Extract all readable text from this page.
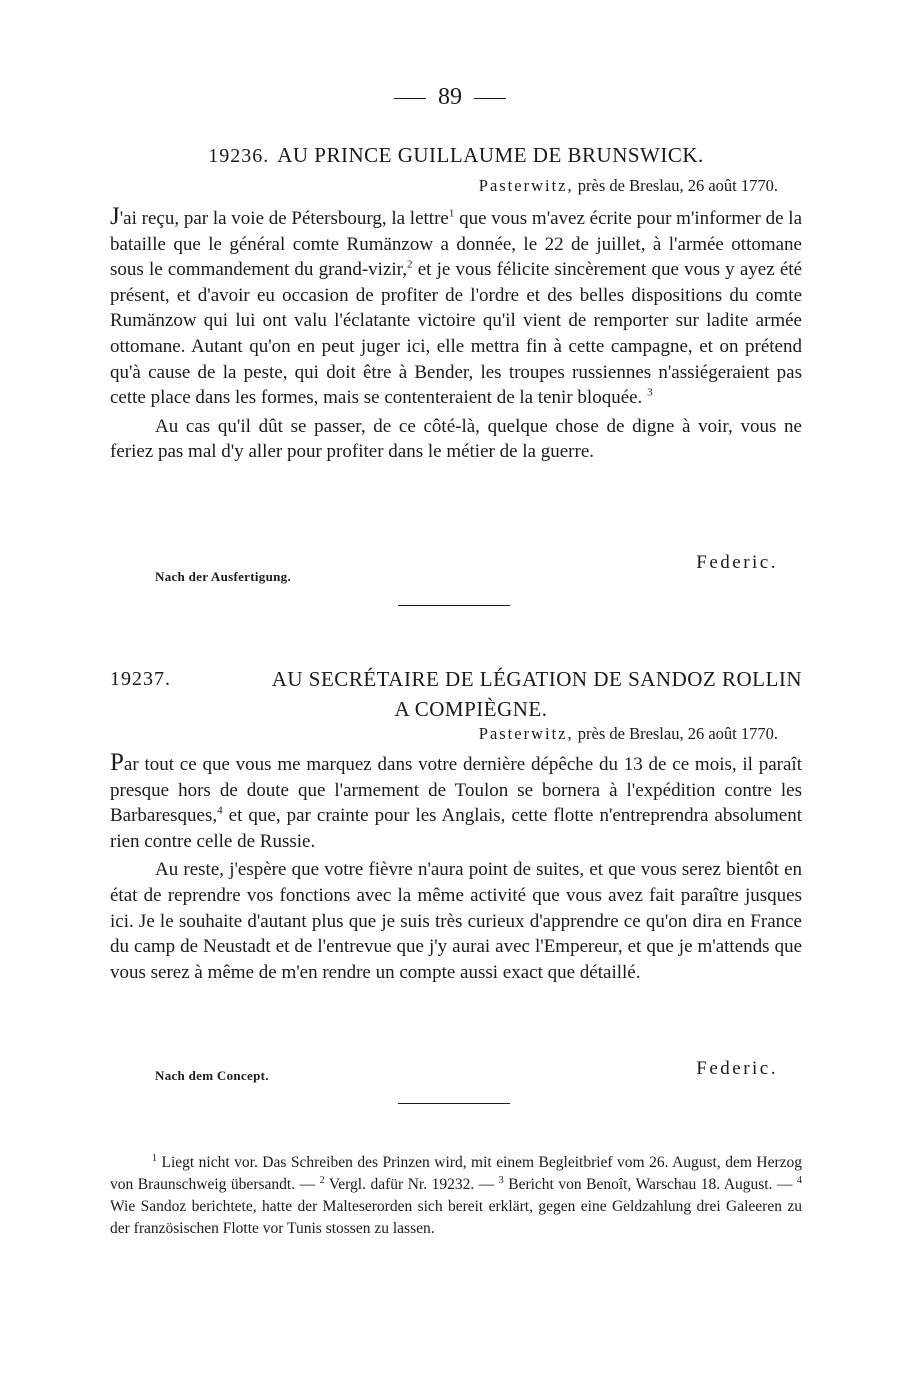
89
19236. AU PRINCE GUILLAUME DE BRUNSWICK.
Pasterwitz, près de Breslau, 26 août 1770.

J'ai reçu, par la voie de Pétersbourg, la lettre$^1$ que vous m'avez écrite pour m'informer de la bataille que le général comte Rumänzow a donnée, le 22 de juillet, à l'armée ottomane sous le commandement du grand-vizir,$^2$ et je vous félicite sincèrement que vous y ayez été présent, et d'avoir eu occasion de profiter de l'ordre et des belles dispositions du comte Rumänzow qui lui ont valu l'éclatante victoire qu'il vient de remporter sur ladite armée ottomane. Autant qu'on en peut juger ici, elle mettra fin à cette campagne, et on prétend qu'à cause de la peste, qui doit être à Bender, les troupes russiennes n'assiégeraient pas cette place dans les formes, mais se contenteraient de la tenir bloquée. $^3$

Au cas qu'il dût se passer, de ce côté-là, quelque chose de digne à voir, vous ne feriez pas mal d'y aller pour profiter dans le métier de la guerre.

Federic.
Nach der Ausfertigung.
19237.	AU SECRÉTAIRE DE LÉGATION DE SANDOZ ROLLIN
A COMPIÈGNE.
Pasterwitz, près de Breslau, 26 août 1770.

Par tout ce que vous me marquez dans votre dernière dépêche du 13 de ce mois, il paraît presque hors de doute que l'armement de Toulon se bornera à l'expédition contre les Barbaresques,$^4$ et que, par crainte pour les Anglais, cette flotte n'entreprendra absolument rien contre celle de Russie.

Au reste, j'espère que votre fièvre n'aura point de suites, et que vous serez bientôt en état de reprendre vos fonctions avec la même activité que vous avez fait paraître jusques ici. Je le souhaite d'autant plus que je suis très curieux d'apprendre ce qu'on dira en France du camp de Neustadt et de l'entrevue que j'y aurai avec l'Empereur, et que je m'attends que vous serez à même de m'en rendre un compte aussi exact que détaillé.

Federic.
Nach dem Concept.

$^1$ Liegt nicht vor. Das Schreiben des Prinzen wird, mit einem Begleitbrief vom 26. August, dem Herzog von Braunschweig übersandt. — $^2$ Vergl. dafür Nr. 19232. — $^3$ Bericht von Benoît, Warschau 18. August. — $^4$ Wie Sandoz berichtete, hatte der Malteserorden sich bereit erklärt, gegen eine Geldzahlung drei Galeeren zu der französischen Flotte vor Tunis stossen zu lassen.
